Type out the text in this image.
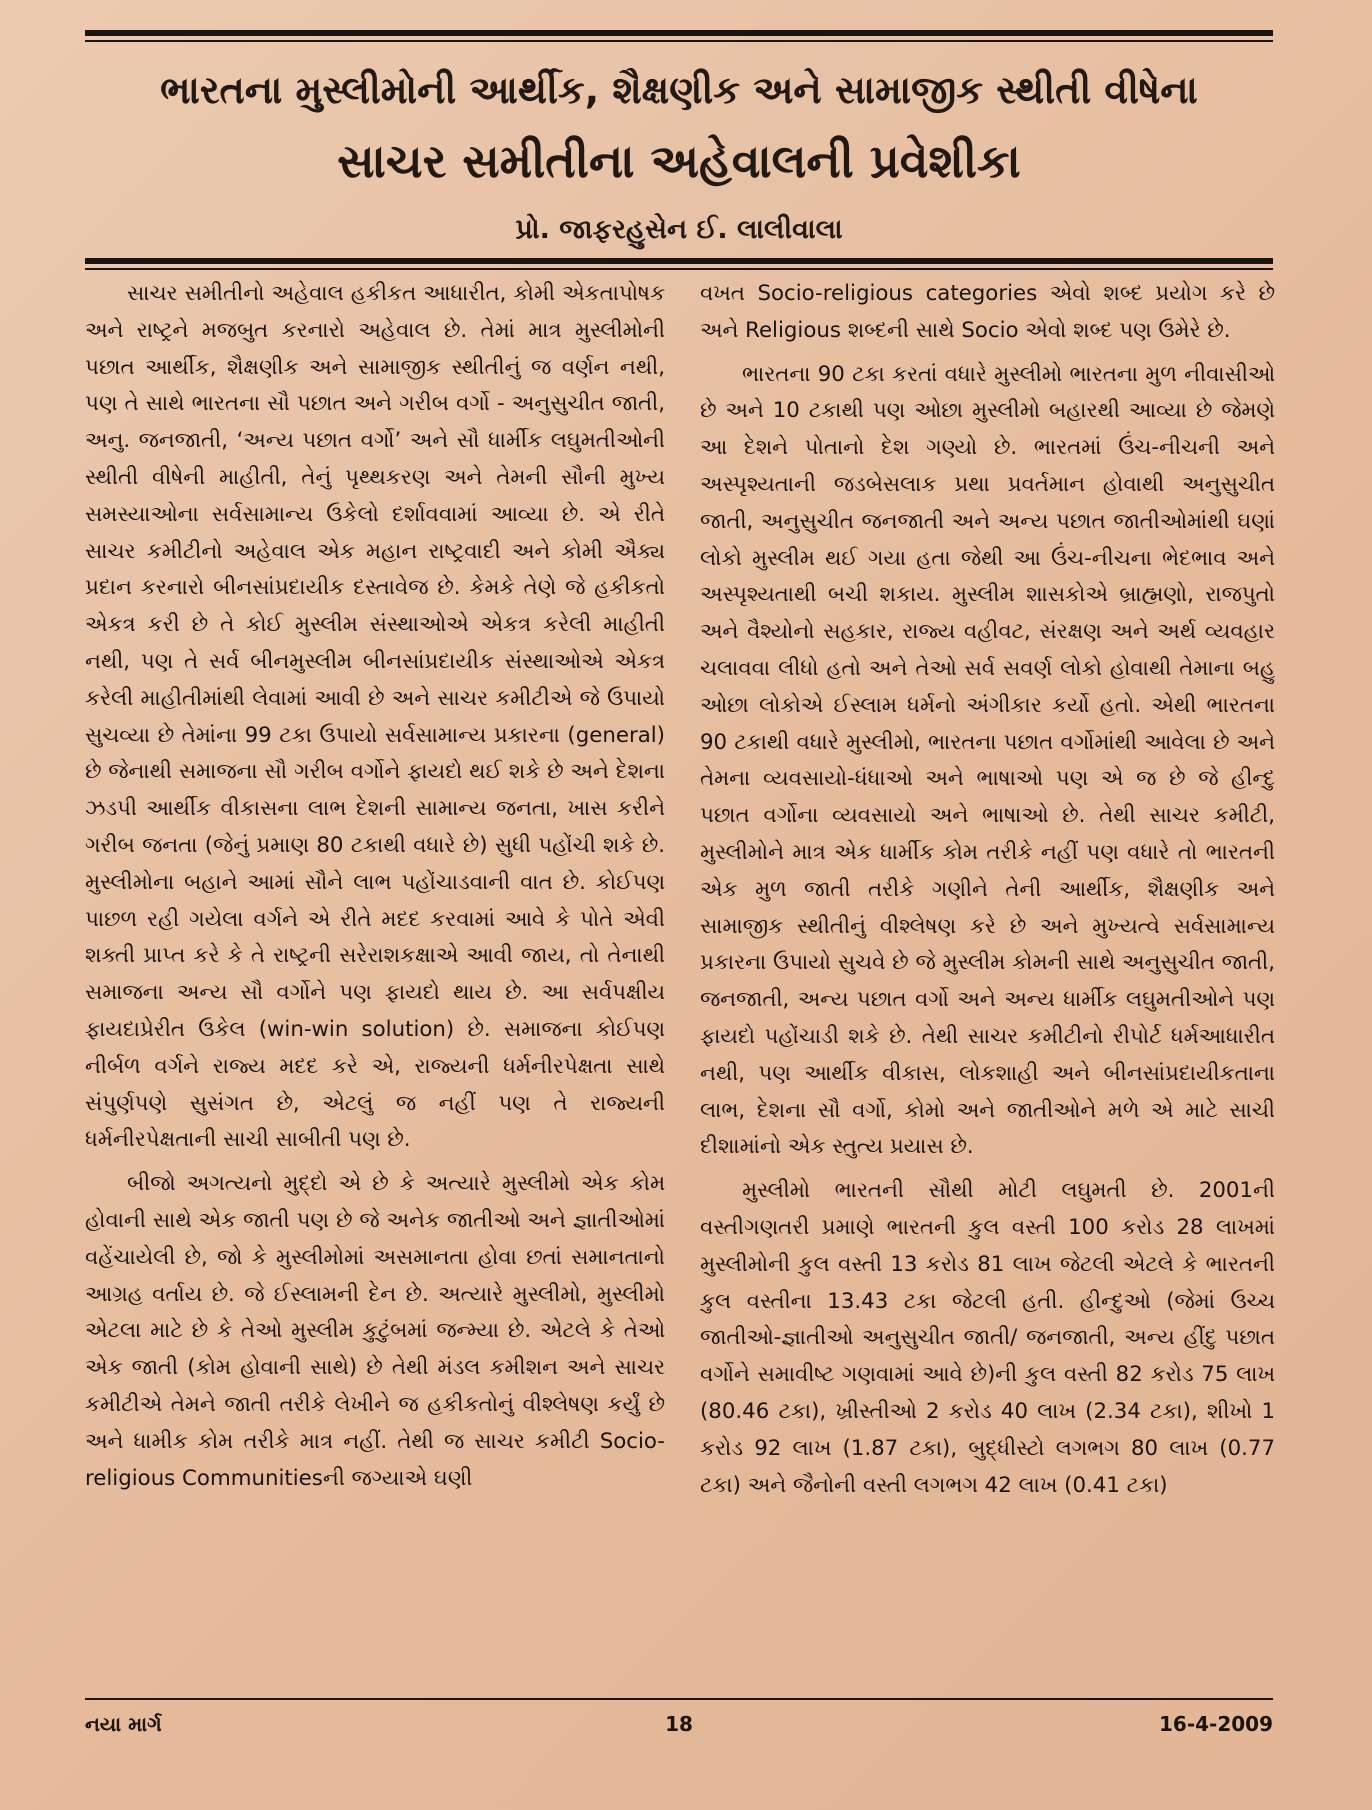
ભારતના મુસ્લીમોની આર્થીક, શૈક્ષણીક અને સામાજીક સ્થીતી વીષેના
સાચર સમીતીના અહેવાલની પ્રવેશીકા
પ્રો. જાફરહુસેન ઈ. લાલીવાલા

સાચર સમીતીનો અહેવાલ હકીકત આધારીત, કોમી એકતાપોષક અને રાષ્ટ્રને મજબુત કરનારો અહેવાલ છે. તેમાં માત્ર મુસ્લીમોની પછાત આર્થીક, શૈક્ષણીક અને સામાજીક સ્થીતીનું જ વર્ણન નથી, પણ તે સાથે ભારતના સૌ પછાત અને ગરીબ વર્ગો - અનુસુચીત જાતી, અનુ. જનજાતી, ‘અન્ય પછાત વર્ગો’ અને સૌ ધાર્મીક લઘુમતીઓની સ્થીતી વીષેની માહીતી, તેનું પૃથ્થકરણ અને તેમની સૌની મુખ્ય સમસ્યાઓના સર્વસામાન્ય ઉકેલો દર્શાવવામાં આવ્યા છે. એ રીતે સાચર કમીટીનો અહેવાલ એક મહાન રાષ્ટ્રવાદી અને કોમી ઐક્ય પ્રદાન કરનારો બીનસાંપ્રદાયીક દસ્તાવેજ છે. કેમકે તેણે જે હકીકતો એકત્ર કરી છે તે કોઈ મુસ્લીમ સંસ્થાઓએ એકત્ર કરેલી માહીતી નથી, પણ તે સર્વ બીનમુસ્લીમ બીનસાંપ્રદાયીક સંસ્થાઓએ એકત્ર કરેલી માહીતીમાંથી લેવામાં આવી છે અને સાચર કમીટીએ જે ઉપાયો સુચવ્યા છે તેમાંના 99 ટકા ઉપાયો સર્વસામાન્ય પ્રકારના (general) છે જેનાથી સમાજના સૌ ગરીબ વર્ગોને ફાયદો થઈ શકે છે અને દેશના ઝડપી આર્થીક વીકાસના લાભ દેશની સામાન્ય જનતા, ખાસ કરીને ગરીબ જનતા (જેનું પ્રમાણ 80 ટકાથી વધારે છે) સુધી પહોંચી શકે છે. મુસ્લીમોના બહાને આમાં સૌને લાભ પહોંચાડવાની વાત છે. કોઈપણ પાછળ રહી ગયેલા વર્ગને એ રીતે મદદ કરવામાં આવે કે પોતે એવી શક્તી પ્રાપ્ત કરે કે તે રાષ્ટ્રની સરેરાશકક્ષાએ આવી જાય, તો તેનાથી સમાજના અન્ય સૌ વર્ગોને પણ ફાયદો થાય છે. આ સર્વપક્ષીય ફાયદાપ્રેરીત ઉકેલ (win-win solution) છે. સમાજના કોઈપણ નીર્બળ વર્ગને રાજ્ય મદદ કરે એ, રાજ્યની ધર્મનીરપેક્ષતા સાથે સંપુર્ણપણે સુસંગત છે, એટલું જ નહીં પણ તે રાજ્યની ધર્મનીરપેક્ષતાની સાચી સાબીતી પણ છે.

બીજો અગત્યનો મુદ્દો એ છે કે અત્યારે મુસ્લીમો એક કોમ હોવાની સાથે એક જાતી પણ છે જે અનેક જાતીઓ અને જ્ઞાતીઓમાં વહેંચાયેલી છે, જો કે મુસ્લીમોમાં અસમાનતા હોવા છતાં સમાનતાનો આગ્રહ વર્તાય છે. જે ઈસ્લામની દેન છે. અત્યારે મુસ્લીમો, મુસ્લીમો એટલા માટે છે કે તેઓ મુસ્લીમ કુટુંબમાં જન્મ્યા છે. એટલે કે તેઓ એક જાતી (કોમ હોવાની સાથે) છે તેથી મંડલ કમીશન અને સાચર કમીટીએ તેમને જાતી તરીકે લેખીને જ હકીકતોનું વીશ્લેષણ કર્યું છે અને ધામીક કોમ તરીકે માત્ર નહીં. તેથી જ સાચર કમીટી Socio-religious Communitiesની જગ્યાએ ઘણી

વખત Socio-religious categories એવો શબ્દ પ્રયોગ કરે છે અને Religious શબ્દની સાથે Socio એવો શબ્દ પણ ઉમેરે છે.

ભારતના 90 ટકા કરતાં વધારે મુસ્લીમો ભારતના મુળ નીવાસીઓ છે અને 10 ટકાથી પણ ઓછા મુસ્લીમો બહારથી આવ્યા છે જેમણે આ દેશને પોતાનો દેશ ગણ્યો છે. ભારતમાં ઉંચ-નીચની અને અસ્પૃશ્યતાની જડબેસલાક પ્રથા પ્રવર્તમાન હોવાથી અનુસુચીત જાતી, અનુસુચીત જનજાતી અને અન્ય પછાત જાતીઓમાંથી ઘણાં લોકો મુસ્લીમ થઈ ગયા હતા જેથી આ ઉંચ-નીચના ભેદભાવ અને અસ્પૃશ્યતાથી બચી શકાય. મુસ્લીમ શાસકોએ બ્રાહ્મણો, રાજપુતો અને વૈશ્યોનો સહકાર, રાજ્ય વહીવટ, સંરક્ષણ અને અર્થ વ્યવહાર ચલાવવા લીધો હતો અને તેઓ સર્વ સવર્ણ લોકો હોવાથી તેમાના બહુ ઓછા લોકોએ ઈસ્લામ ધર્મનો અંગીકાર કર્યો હતો. એથી ભારતના 90 ટકાથી વધારે મુસ્લીમો, ભારતના પછાત વર્ગોમાંથી આવેલા છે અને તેમના વ્યવસાયો-ધંધાઓ અને ભાષાઓ પણ એ જ છે જે હીન્દુ પછાત વર્ગોના વ્યવસાયો અને ભાષાઓ છે. તેથી સાચર કમીટી, મુસ્લીમોને માત્ર એક ધાર્મીક કોમ તરીકે નહીં પણ વધારે તો ભારતની એક મુળ જાતી તરીકે ગણીને તેની આર્થીક, શૈક્ષણીક અને સામાજીક સ્થીતીનું વીશ્લેષણ કરે છે અને મુખ્યત્વે સર્વસામાન્ય પ્રકારના ઉપાયો સુચવે છે જે મુસ્લીમ કોમની સાથે અનુસુચીત જાતી, જનજાતી, અન્ય પછાત વર્ગો અને અન્ય ધાર્મીક લઘુમતીઓને પણ ફાયદો પહોંચાડી શકે છે. તેથી સાચર કમીટીનો રીપોર્ટ ધર્મઆધારીત નથી, પણ આર્થીક વીકાસ, લોકશાહી અને બીનસાંપ્રદાયીકતાના લાભ, દેશના સૌ વર્ગો, કોમો અને જાતીઓને મળે એ માટે સાચી દીશામાંનો એક સ્તુત્ય પ્રયાસ છે.

મુસ્લીમો ભારતની સૌથી મોટી લઘુમતી છે. 2001ની વસ્તીગણતરી પ્રમાણે ભારતની કુલ વસ્તી 100 કરોડ 28 લાખમાં મુસ્લીમોની કુલ વસ્તી 13 કરોડ 81 લાખ જેટલી એટલે કે ભારતની કુલ વસ્તીના 13.43 ટકા જેટલી હતી. હીન્દુઓ (જેમાં ઉચ્ચ જાતીઓ-જ્ઞાતીઓ અનુસુચીત જાતી/ જનજાતી, અન્ય હીંદુ પછાત વર્ગોને સમાવીષ્ટ ગણવામાં આવે છે)ની કુલ વસ્તી 82 કરોડ 75 લાખ (80.46 ટકા), ખ્રીસ્તીઓ 2 કરોડ 40 લાખ (2.34 ટકા), શીખો 1 કરોડ 92 લાખ (1.87 ટકા), બુદ્ધીસ્ટો લગભગ 80 લાખ (0.77 ટકા) અને જૈનોની વસ્તી લગભગ 42 લાખ (0.41 ટકા)

નયા માર્ગ	18	16-4-2009
